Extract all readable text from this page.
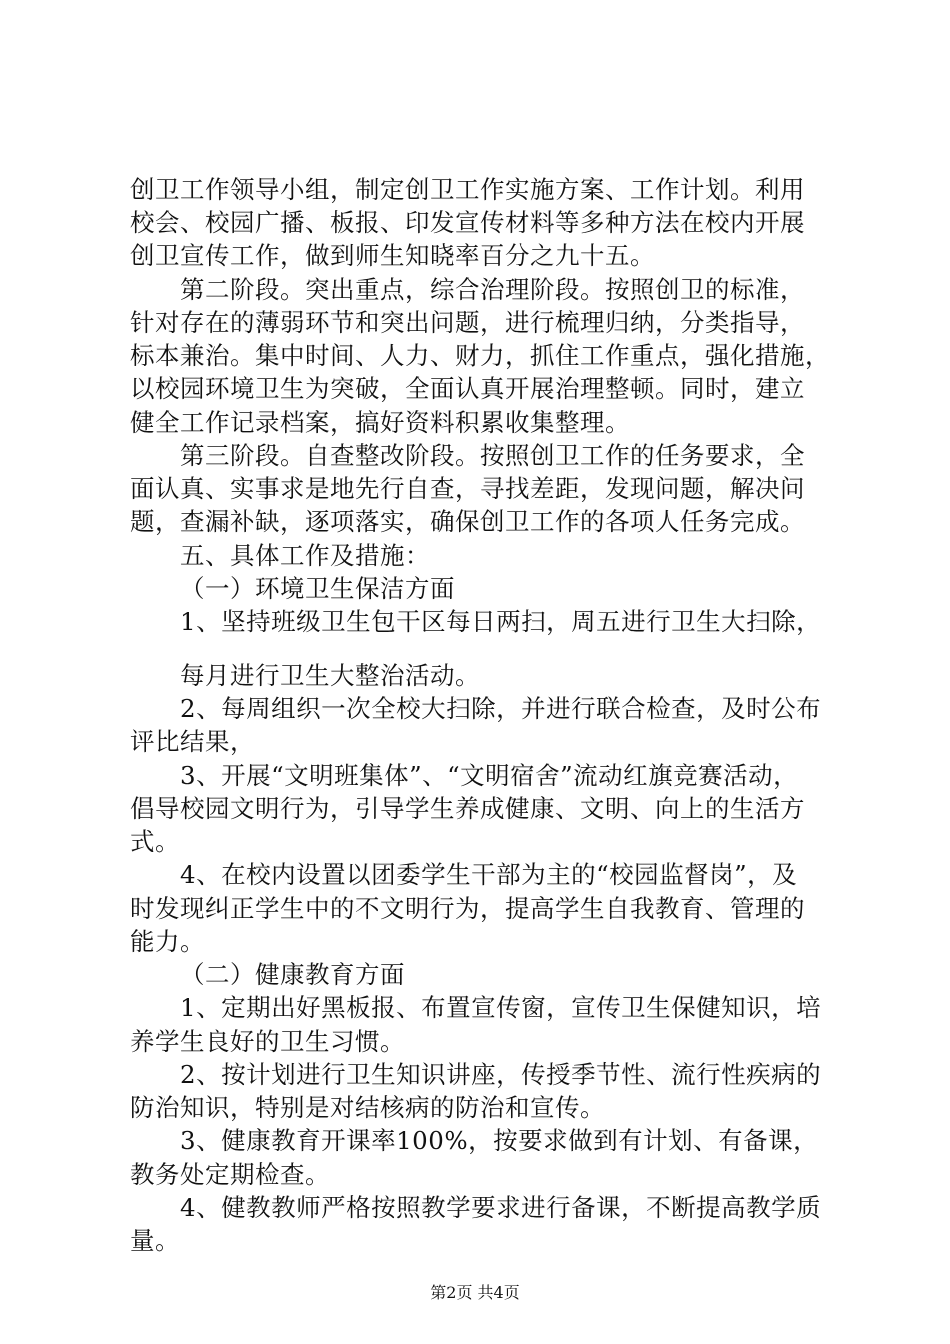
创卫工作领导小组，制定创卫工作实施方案、工作计划。利用
校会、校园广播、板报、印发宣传材料等多种方法在校内开展
创卫宣传工作，做到师生知晓率百分之九十五。
第二阶段。突出重点，综合治理阶段。按照创卫的标准，
针对存在的薄弱环节和突出问题，进行梳理归纳，分类指导，
标本兼治。集中时间、人力、财力，抓住工作重点，强化措施，
以校园环境卫生为突破，全面认真开展治理整顿。同时，建立
健全工作记录档案，搞好资料积累收集整理。
第三阶段。自查整改阶段。按照创卫工作的任务要求，全
面认真、实事求是地先行自查，寻找差距，发现问题，解决问
题，查漏补缺，逐项落实，确保创卫工作的各项人任务完成。
五、具体工作及措施：
（一）环境卫生保洁方面
1、坚持班级卫生包干区每日两扫，周五进行卫生大扫除，
每月进行卫生大整治活动。
2、每周组织一次全校大扫除，并进行联合检查，及时公布
评比结果，
3、开展“文明班集体”、“文明宿舍”流动红旗竞赛活动，
倡导校园文明行为，引导学生养成健康、文明、向上的生活方
式。
4、在校内设置以团委学生干部为主的“校园监督岗”，及
时发现纠正学生中的不文明行为，提高学生自我教育、管理的
能力。
（二）健康教育方面
1、定期出好黑板报、布置宣传窗，宣传卫生保健知识，培
养学生良好的卫生习惯。
2、按计划进行卫生知识讲座，传授季节性、流行性疾病的
防治知识，特别是对结核病的防治和宣传。
3、健康教育开课率100%，按要求做到有计划、有备课，
教务处定期检查。
4、健教教师严格按照教学要求进行备课，不断提高教学质
量。
第2页 共4页
